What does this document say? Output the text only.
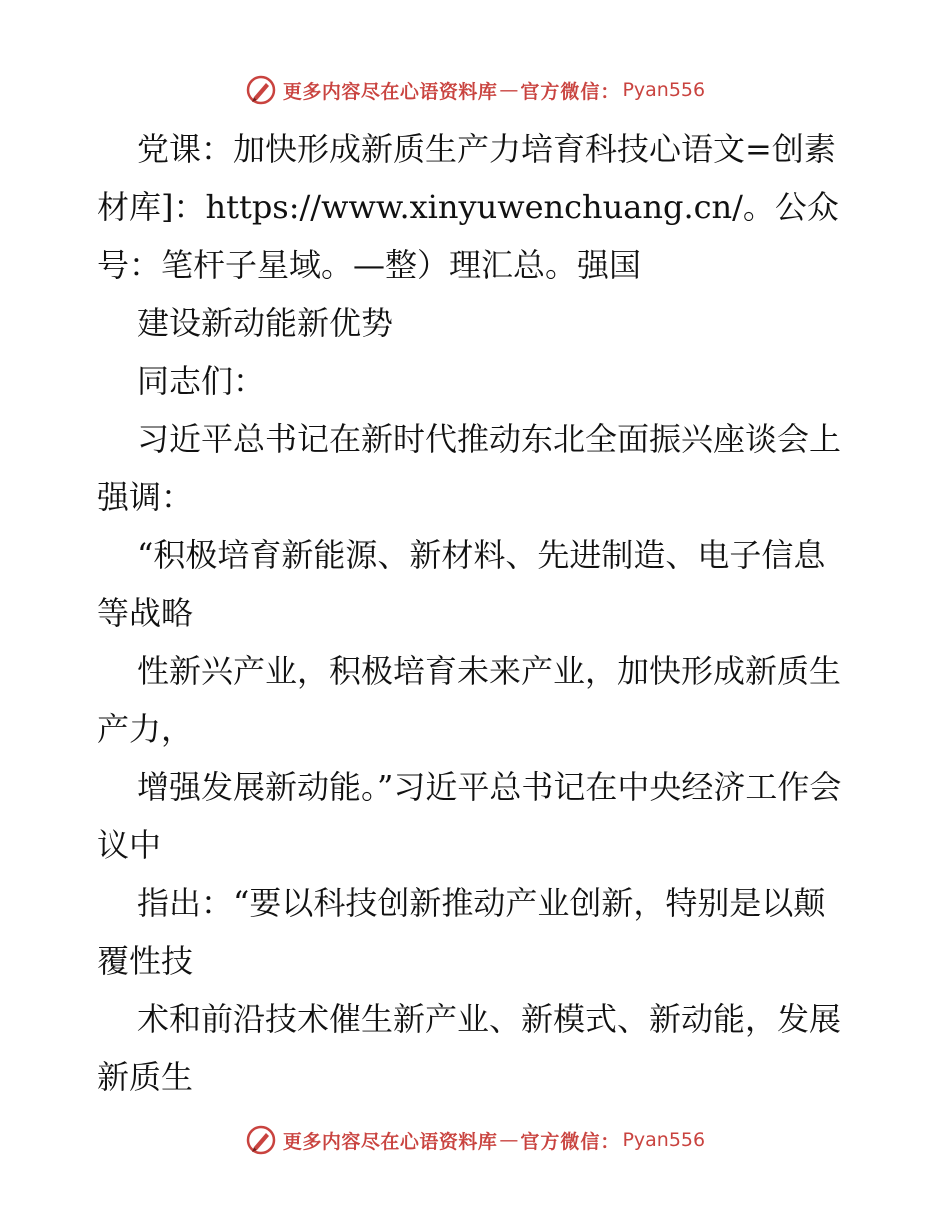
更多内容尽在心语资料库 — 官方微信： Pyan556

党课：加快形成新质生产力培育科技心语文=创素材库]：https://www.xinyuwenchuang.cn/。公众号：笔杆子星域。—整）理汇总。强国

建设新动能新优势

同志们：

习近平总书记在新时代推动东北全面振兴座谈会上强调：

“积极培育新能源、新材料、先进制造、电子信息等战略

性新兴产业，积极培育未来产业，加快形成新质生产力，

增强发展新动能。”习近平总书记在中央经济工作会议中

指出：“要以科技创新推动产业创新，特别是以颠覆性技

术和前沿技术催生新产业、新模式、新动能，发展新质生

更多内容尽在心语资料库 — 官方微信： Pyan556
